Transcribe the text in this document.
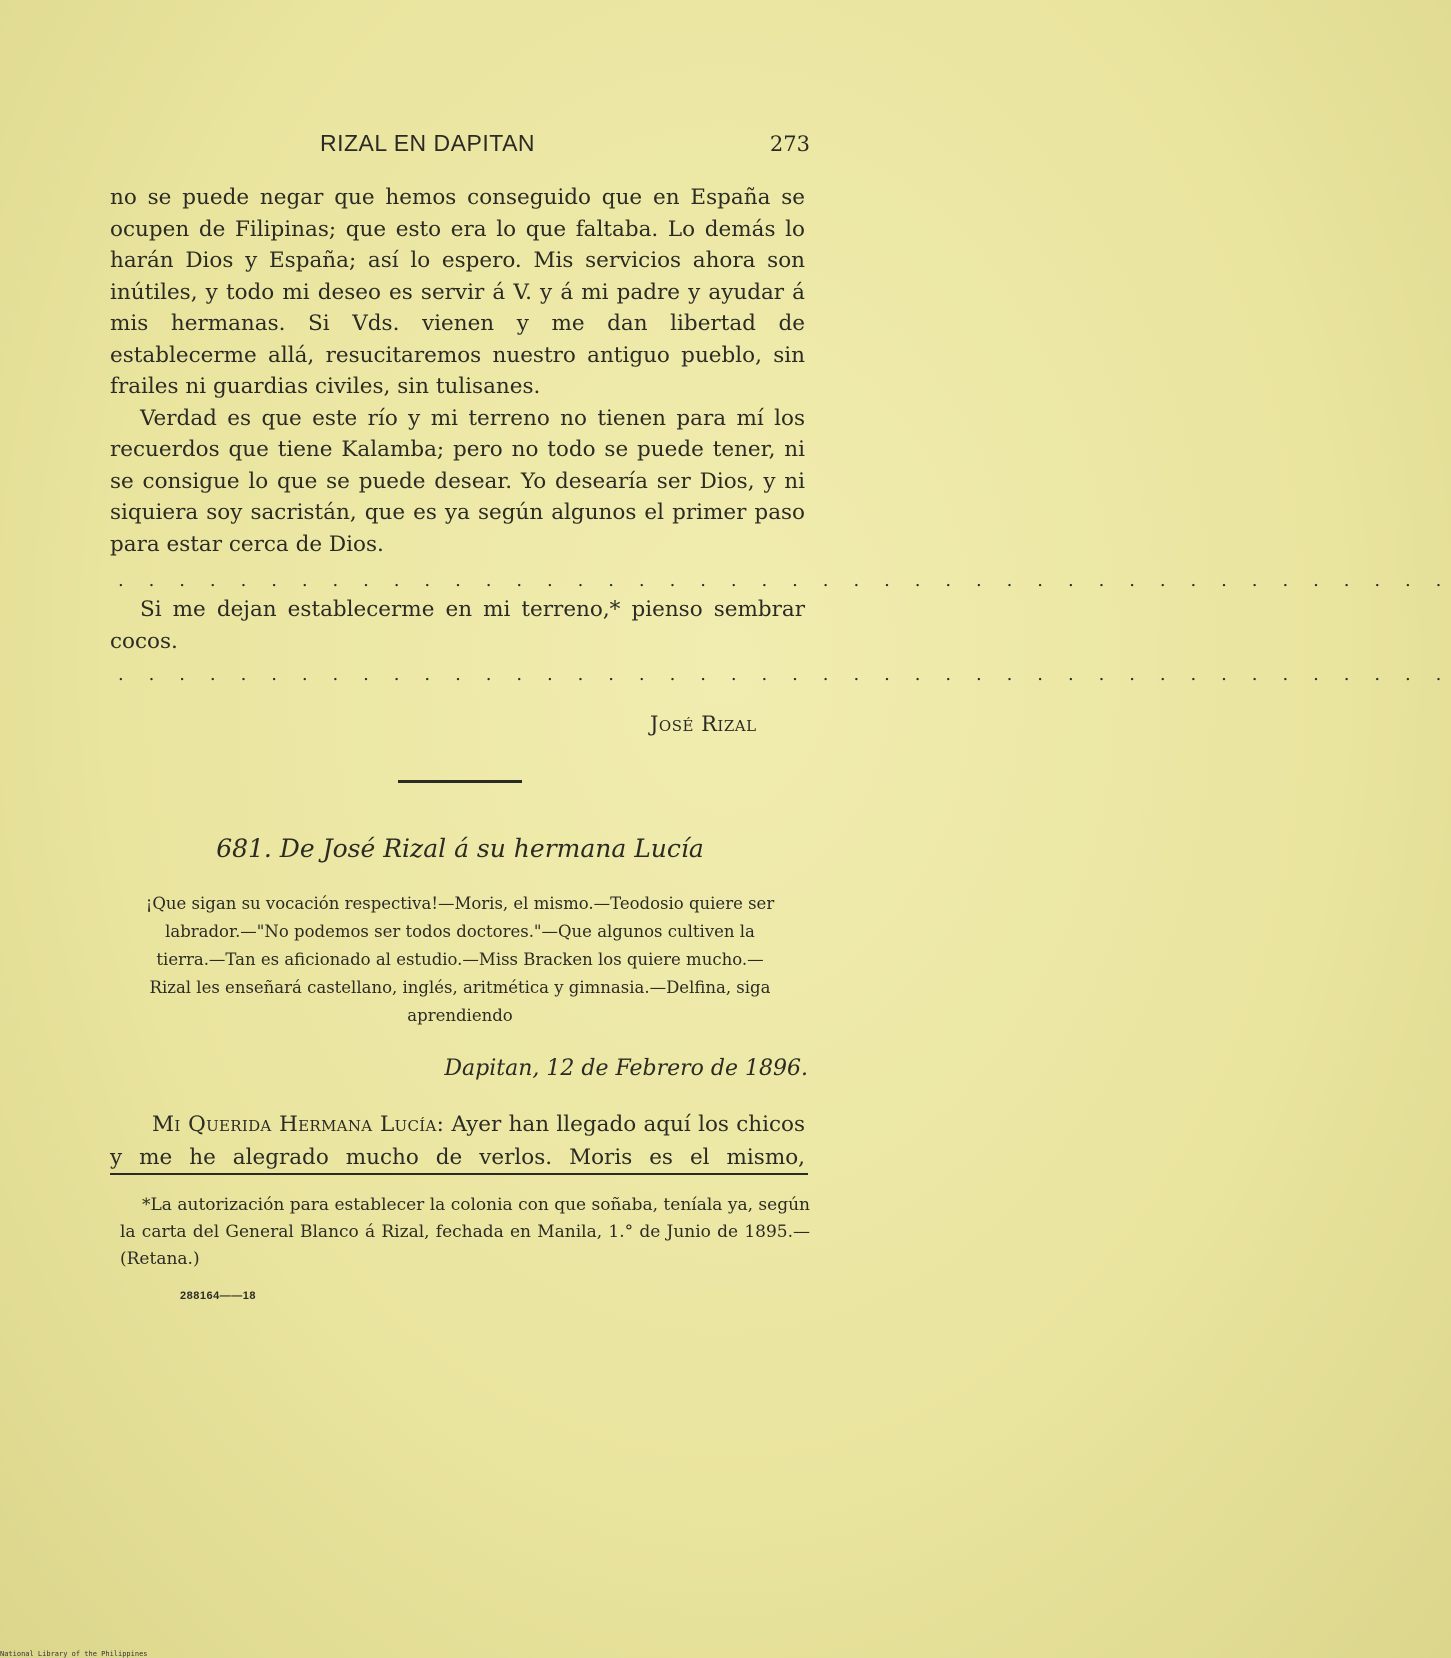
RIZAL EN DAPITAN	273

no se puede negar que hemos conseguido que en España se ocupen de Filipinas; que esto era lo que faltaba. Lo demás lo harán Dios y España; así lo espero. Mis servicios ahora son inútiles, y todo mi deseo es servir á V. y á mi padre y ayudar á mis hermanas. Si Vds. vienen y me dan libertad de establecerme allá, resucitaremos nuestro antiguo pueblo, sin frailes ni guardias civiles, sin tulisanes.

Verdad es que este río y mi terreno no tienen para mí los recuerdos que tiene Kalamba; pero no todo se puede tener, ni se consigue lo que se puede desear. Yo desearía ser Dios, y ni siquiera soy sacristán, que es ya según algunos el primer paso para estar cerca de Dios.

. . . . . . . . . . . . . . . . . . . . . . . . . . . . . . . . . . . . . . . . . . . .

Si me dejan establecerme en mi terreno,* pienso sembrar cocos.

. . . . . . . . . . . . . . . . . . . . . . . . . . . . . . . . . . . . . . . . . . . .
José Rizal
681. De José Rizal á su hermana Lucía
¡Que sigan su vocación respectiva!—Moris, el mismo.—Teodosio quiere ser labrador.—"No podemos ser todos doctores."—Que algunos cultiven la tierra.—Tan es aficionado al estudio.—Miss Bracken los quiere mucho.—Rizal les enseñará castellano, inglés, aritmética y gimnasia.—Delfina, siga aprendiendo
Dapitan, 12 de Febrero de 1896.
Mi Querida Hermana Lucía: Ayer han llegado aquí los chicos y me he alegrado mucho de verlos. Moris es el mismo,
*La autorización para establecer la colonia con que soñaba, teníala ya, según la carta del General Blanco á Rizal, fechada en Manila, 1.° de Junio de 1895.—(Retana.)
288164——18
National Library of the Philippines
